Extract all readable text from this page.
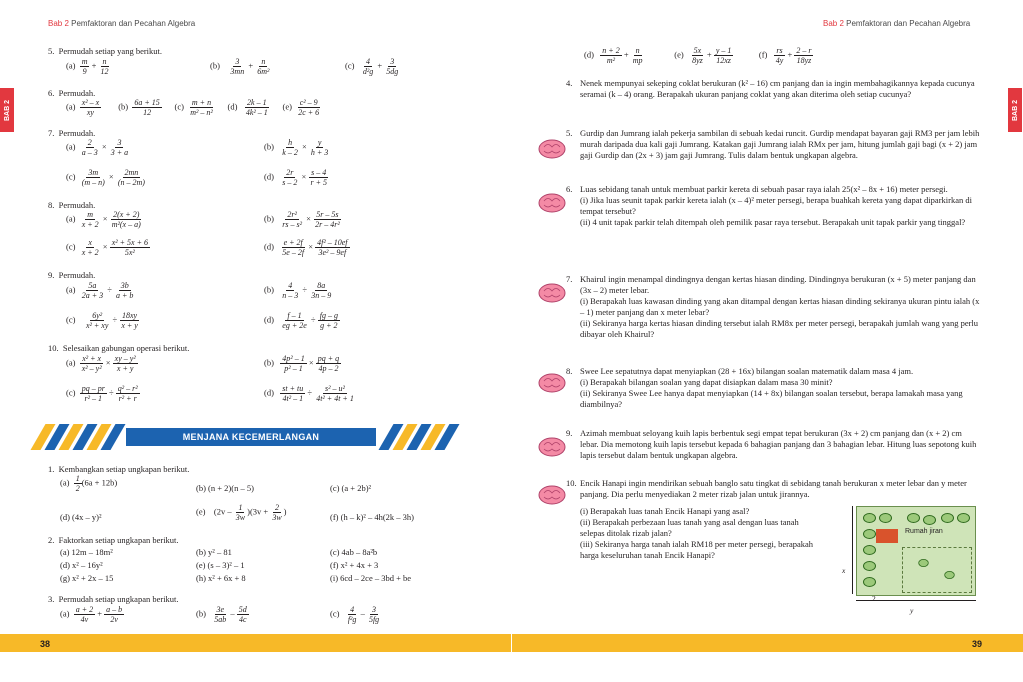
Bab 2 Pemfaktoran dan Pecahan Algebra
BAB 2
5. Permudah setiap yang berikut.
$(a) \frac{m}{9} + \frac{n}{12}$	$(b) \frac{3}{3mn} + \frac{n}{\text{6m²}}$	$(c) \frac{4}{\text{d²g}} + \frac{3}{5dg}$
6. Permudah.
$(a) \frac{\text{x² – x}}{xy} (b) \frac{6a + 15}{12} (c) \frac{m + n}{\text{m² – n²}} (d) \frac{2k - 1}{\text{4k² – 1}} (e) \frac{\text{c² – 9}}{2c + 6}$
7. Permudah.
$(a) \frac{2}{a - 3} \times \frac{3}{3 + a}$	$(b) \frac{h}{k - 2} \times \frac{y}{h + 3}$
$(c) \frac{3m}{(m - n)} \times \frac{2mn}{(n - 2m)}$	$(d) \frac{2r}{s - 2} \times \frac{s - 4}{r + 5}$
8. Permudah.
$(a) \frac{m}{x + 2} \times \frac{2(x + 2)}{\text{m²(x – a)}}$	$(b) \frac{\text{2r²}}{\text{rs – s²}} \times \frac{5r - 5s}{\text{2r – 4r²}}$
$(c) \frac{x}{x + 2} \times \frac{\text{x² + 5x + 6}}{\text{5x²}}$	$(d) \frac{e + 2f}{5e - 2f} \times \frac{\text{4f² – 10ef}}{\text{3e² – 9ef}}$
9. Permudah.
$(a) \frac{5a}{2a + 3} \div \frac{3b}{a + b}$	$(b) \frac{4}{n - 3} \div \frac{8a}{3n - 9}$
$(c) \frac{\text{6y²}}{\text{x² + xy}} \div \frac{18xy}{x + y}$	$(d) \frac{f - 1}{eg + 2e} \div \frac{fg - g}{g + 2}$
10. Selesaikan gabungan operasi berikut.
$(a) \frac{\text{x² + x}}{\text{x² – y²}} \times \frac{\text{xy – y²}}{x + y}$	$(b) \frac{\text{4p² – 1}}{\text{p² – 1}} \times \frac{pq + q}{4p - 2}$
$(c) \frac{pq - pr}{\text{r² – 1}} \div \frac{\text{q² – r²}}{\text{r² + r}}$	$(d) \frac{st + tu}{\text{4t² – 1}} \div \frac{\text{s² – u²}}{\text{4t² + 4t + 1}}$
MENJANA KECEMERLANGAN
1. Kembangkan setiap ungkapan berikut.
$(a) \frac{1}{2} (6a + 12b)$
(b) (n + 2)(n – 5)	(c) (a + 2b)²
(d) (4x – y)²
(e)    $(2v - \frac{1}{3w} )(3v + \frac{2}{3w}$ )
(f) (h – k)² – 4h(2k – 3h)
2. Faktorkan setiap ungkapan berikut.
(a) 12m – 18m²	(b) y² – 81	(c) 4ab – 8a²b
(d) x² – 16y²	(e) (s – 3)² – 1	(f) x² + 4x + 3
(g) x² + 2x – 15	(h) x² + 6x + 8	(i) 6cd – 2ce – 3bd + be
3. Permudah setiap ungkapan berikut.
$(a) \frac{a + 2}{4v} + \frac{a - b}{2v}$	$(b) \frac{3e}{5ab} - \frac{5d}{4c}$	$(c) \frac{4}{\text{f²g}} - \frac{3}{5fg}$
38
Bab 2 Pemfaktoran dan Pecahan Algebra
BAB 2
$(d) \frac{n + 2}{\text{m²}} + \frac{n}{mp} (e) \frac{5x}{8yz} + \frac{y - 1}{12xz} (f) \frac{rs}{4y} + \frac{2 - r}{18yz}$
4. Nenek mempunyai sekeping coklat berukuran (k² – 16) cm panjang dan ia ingin membahagikannya kepada cucunya seramai (k – 4) orang. Berapakah ukuran panjang coklat yang akan diterima oleh setiap cucunya?
5. Gurdip dan Jumrang ialah pekerja sambilan di sebuah kedai runcit. Gurdip mendapat bayaran gaji RM3 per jam lebih murah daripada dua kali gaji Jumrang. Katakan gaji Jumrang ialah RMx per jam, hitung jumlah gaji bagi (x + 2) jam gaji Gurdip dan (2x + 3) jam gaji Jumrang. Tulis dalam bentuk ungkapan algebra.
6. Luas sebidang tanah untuk membuat parkir kereta di sebuah pasar raya ialah 25(x² – 8x + 16) meter persegi.
(i) Jika luas seunit tapak parkir kereta ialah (x – 4)² meter persegi, berapa buahkah kereta yang dapat diparkirkan di tempat tersebut?
(ii) 4 unit tapak parkir telah ditempah oleh pemilik pasar raya tersebut. Berapakah unit tapak parkir yang tinggal?
7. Khairul ingin menampal dindingnya dengan kertas hiasan dinding. Dindingnya berukuran (x + 5) meter panjang dan (3x – 2) meter lebar.
(i) Berapakah luas kawasan dinding yang akan ditampal dengan kertas hiasan dinding sekiranya ukuran pintu ialah (x – 1) meter panjang dan x meter lebar?
(ii) Sekiranya harga kertas hiasan dinding tersebut ialah RM8x per meter persegi, berapakah jumlah wang yang perlu dibayar oleh Khairul?
8. Swee Lee sepatutnya dapat menyiapkan (28 + 16x) bilangan soalan matematik dalam masa 4 jam.
(i) Berapakah bilangan soalan yang dapat disiapkan dalam masa 30 minit?
(ii) Sekiranya Swee Lee hanya dapat menyiapkan (14 + 8x) bilangan soalan tersebut, berapa lamakah masa yang diambilnya?
9. Azimah membuat seloyang kuih lapis berbentuk segi empat tepat berukuran (3x + 2) cm panjang dan (x + 2) cm lebar. Dia memotong kuih lapis tersebut kepada 6 bahagian panjang dan 3 bahagian lebar. Hitung luas sepotong kuih lapis tersebut dalam bentuk ungkapan algebra.
10. Encik Hanapi ingin mendirikan sebuah banglo satu tingkat di sebidang tanah berukuran x meter lebar dan y meter panjang. Dia perlu menyediakan 2 meter rizab jalan untuk jirannya.
(i) Berapakah luas tanah Encik Hanapi yang asal?
(ii) Berapakah perbezaan luas tanah yang asal dengan luas tanah selepas ditolak rizab jalan?
(iii) Sekiranya harga tanah ialah RM18 per meter persegi, berapakah harga keseluruhan tanah Encik Hanapi?
39
Rumah jiran
x
2
y
